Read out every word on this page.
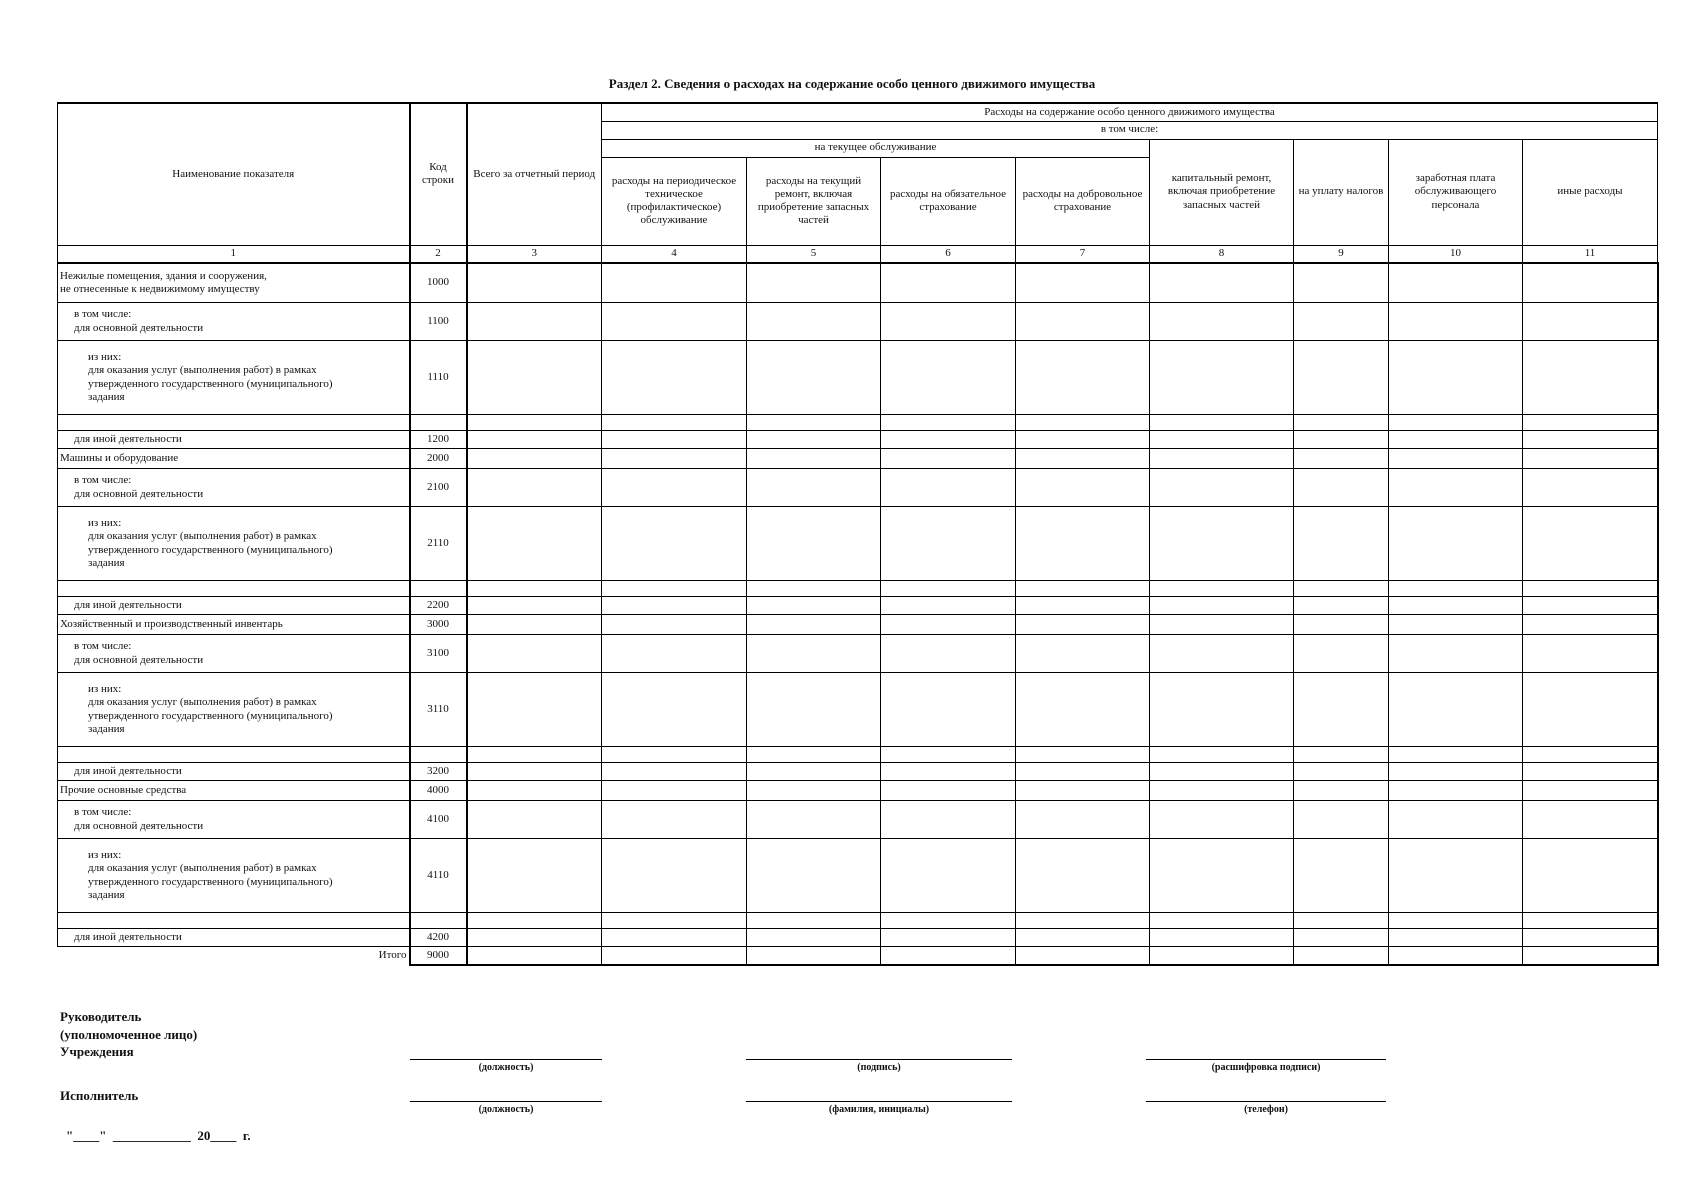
Раздел 2. Сведения о расходах на содержание особо ценного движимого имущества
Наименование показателя	Код строки	Всего за отчетный период	Расходы на содержание особо ценного движимого имущества							
			в том числе:							
			на текущее обслуживание				капитальный ремонт, включая приобретение запасных частей	на уплату налогов	заработная плата обслуживающего персонала	иные расходы
			расходы на периодическое техническое (профилактическое) обслуживание	расходы на текущий ремонт, включая приобретение запасных частей	расходы на обязательное страхование	расходы на добровольное страхование				
1	2	3	4	5	6	7	8	9	10	11
Нежилые помещения, здания и сооружения,
не отнесенные к недвижимому имуществу	1000									
в том числе:
для основной деятельности	1100									
из них:
для оказания услуг (выполнения работ) в рамках
утвержденного государственного (муниципального)
задания	1110									

для иной деятельности	1200									
Машины и оборудование	2000									
в том числе:
для основной деятельности	2100									
из них:
для оказания услуг (выполнения работ) в рамках
утвержденного государственного (муниципального)
задания	2110									

для иной деятельности	2200									
Хозяйственный и производственный инвентарь	3000									
в том числе:
для основной деятельности	3100									
из них:
для оказания услуг (выполнения работ) в рамках
утвержденного государственного (муниципального)
задания	3110									

для иной деятельности	3200									
Прочие основные средства	4000									
в том числе:
для основной деятельности	4100									
из них:
для оказания услуг (выполнения работ) в рамках
утвержденного государственного (муниципального)
задания	4110									

для иной деятельности	4200									
Итого	9000									
Руководитель
(уполномоченное лицо)
Учреждения
(должность)	(подпись)	(расшифровка подписи)
Исполнитель
(должность)	(фамилия, инициалы)	(телефон)
"____"  ____________  20____  г.
